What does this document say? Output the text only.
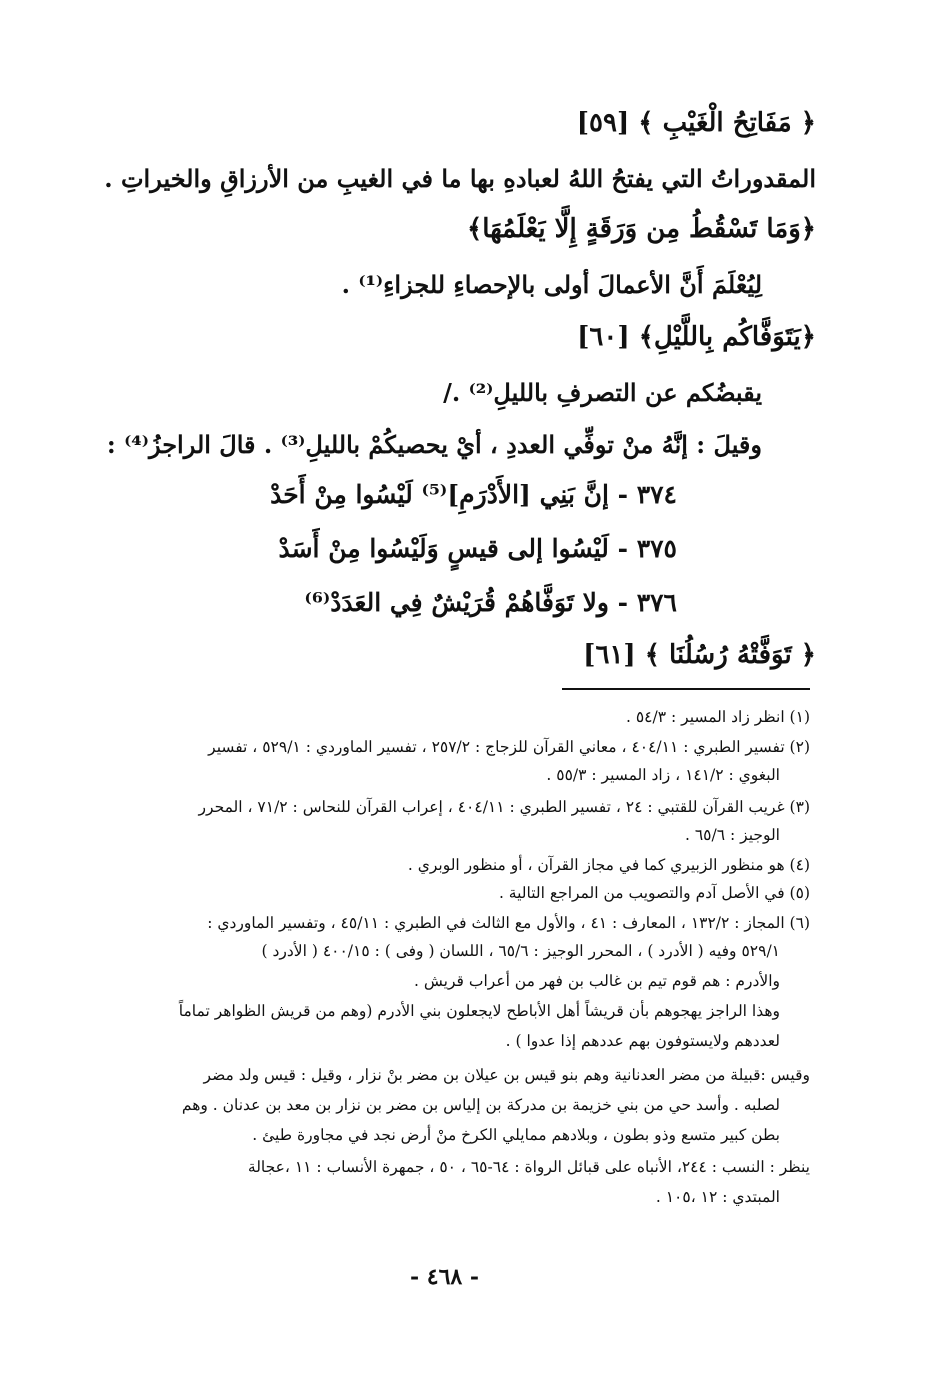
﴿ مَفَاتِحُ الْغَيْبِ ﴾ [٥٩]
المقدوراتُ التي يفتحُ اللهُ لعبادهِ بها ما في الغيبِ من الأرزاقِ والخيراتِ .
﴿وَمَا تَسْقُطُ مِن وَرَقَةٍ إِلَّا يَعْلَمُهَا﴾
لِيُعْلَمَ أَنَّ الأعمالَ أولى بالإحصاءِ للجزاءِ⁽¹⁾ .
﴿يَتَوَفَّاكُم بِاللَّيْلِ﴾ [٦٠]
يقبضُكم عن التصرفِ بالليلِ⁽²⁾ ./
وقيلَ : إنَّهُ منْ توفِّي العددِ ، أيْ يحصيكُمْ بالليلِ⁽³⁾ . قالَ الراجزُ⁽⁴⁾ :
٣٧٤ - إنَّ بَنِي [الأَدْرَمِ]⁽⁵⁾ لَيْسُوا مِنْ أَحَدْ
٣٧٥ - لَيْسُوا إلى قيسٍ وَلَيْسُوا مِنْ أَسَدْ
٣٧٦ - ولا تَوَفَّاهُمْ قُرَيْشٌ فِي العَدَدْ⁽⁶⁾
﴿ تَوَفَّتْهُ رُسُلُنَا ﴾ [٦١]
(١) انظر زاد المسير : ٥٤/٣ .
(٢) تفسير الطبري : ٤٠٤/١١ ، معاني القرآن للزجاج : ٢٥٧/٢ ، تفسير الماوردي : ٥٢٩/١ ، تفسير
البغوي : ١٤١/٢ ، زاد المسير : ٥٥/٣ .
(٣) غريب القرآن للقتبي : ٢٤ ، تفسير الطبري : ٤٠٤/١١ ، إعراب القرآن للنحاس : ٧١/٢ ، المحرر
الوجيز : ٦٥/٦ .
(٤) هو منظور الزبيري كما في مجاز القرآن ، أو منظور الوبري .
(٥) في الأصل آدم والتصويب من المراجع التالية .
(٦) المجاز : ١٣٢/٢ ، المعارف : ٤١ ، والأول مع الثالث في الطبري : ٤٥/١١ ، وتفسير الماوردي :
٥٢٩/١ وفيه ( الأدرد ) ، المحرر الوجيز : ٦٥/٦ ، اللسان ( وفى ) : ٤٠٠/١٥ ( الأدرد )
والأدرم : هم قوم تيم بن غالب بن فهر من أعراب قريش .
وهذا الراجز يهجوهم بأن قريشاً أهل الأباطح لايجعلون بني الأدرم (وهم من قريش الظواهر تماماً
لعددهم ولايستوفون بهم عددهم إذا عدوا ) .
وقيس :قبيلة من مضر العدنانية وهم بنو قيس بن عيلان بن مضر بنْ نزار ، وقيل : قيس ولد مضر
لصلبه . وأسد حي من بني خزيمة بن مدركة بن إلياس بن مضر بن نزار بن معد بن عدنان . وهم
بطن كبير متسع وذو بطون ، وبلادهم ممايلي الكرخ منْ أرض نجد في مجاورة طيئ .
ينظر : النسب : ٢٤٤، الأنباه على قبائل الرواة : ٦٤-٦٥ ، ٥٠ ، جمهرة الأنساب : ١١ ،عجالة
المبتدي : ١٢ ،١٠٥ .
- ٤٦٨ -
